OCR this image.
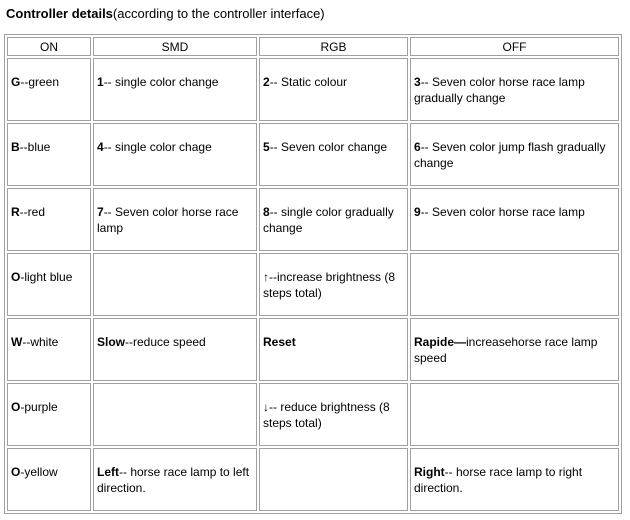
Controller details(according to the controller interface)
ON	SMD	RGB	OFF

G--green	1-- single color change	2-- Static colour	3-- Seven color horse race lamp gradually change

B--blue	4-- single color chage	5-- Seven color change	6-- Seven color jump flash gradually change

R--red	7-- Seven color horse race lamp	8-- single color gradually change	9-- Seven color horse race lamp

O-light blue		↑--increase brightness (8 steps total)	

W--white	Slow--reduce speed	Reset	Rapide—increasehorse race lamp speed

O-purple		↓-- reduce brightness (8 steps total)	

O-yellow	Left-- horse race lamp to left direction.		Right-- horse race lamp to right direction.
